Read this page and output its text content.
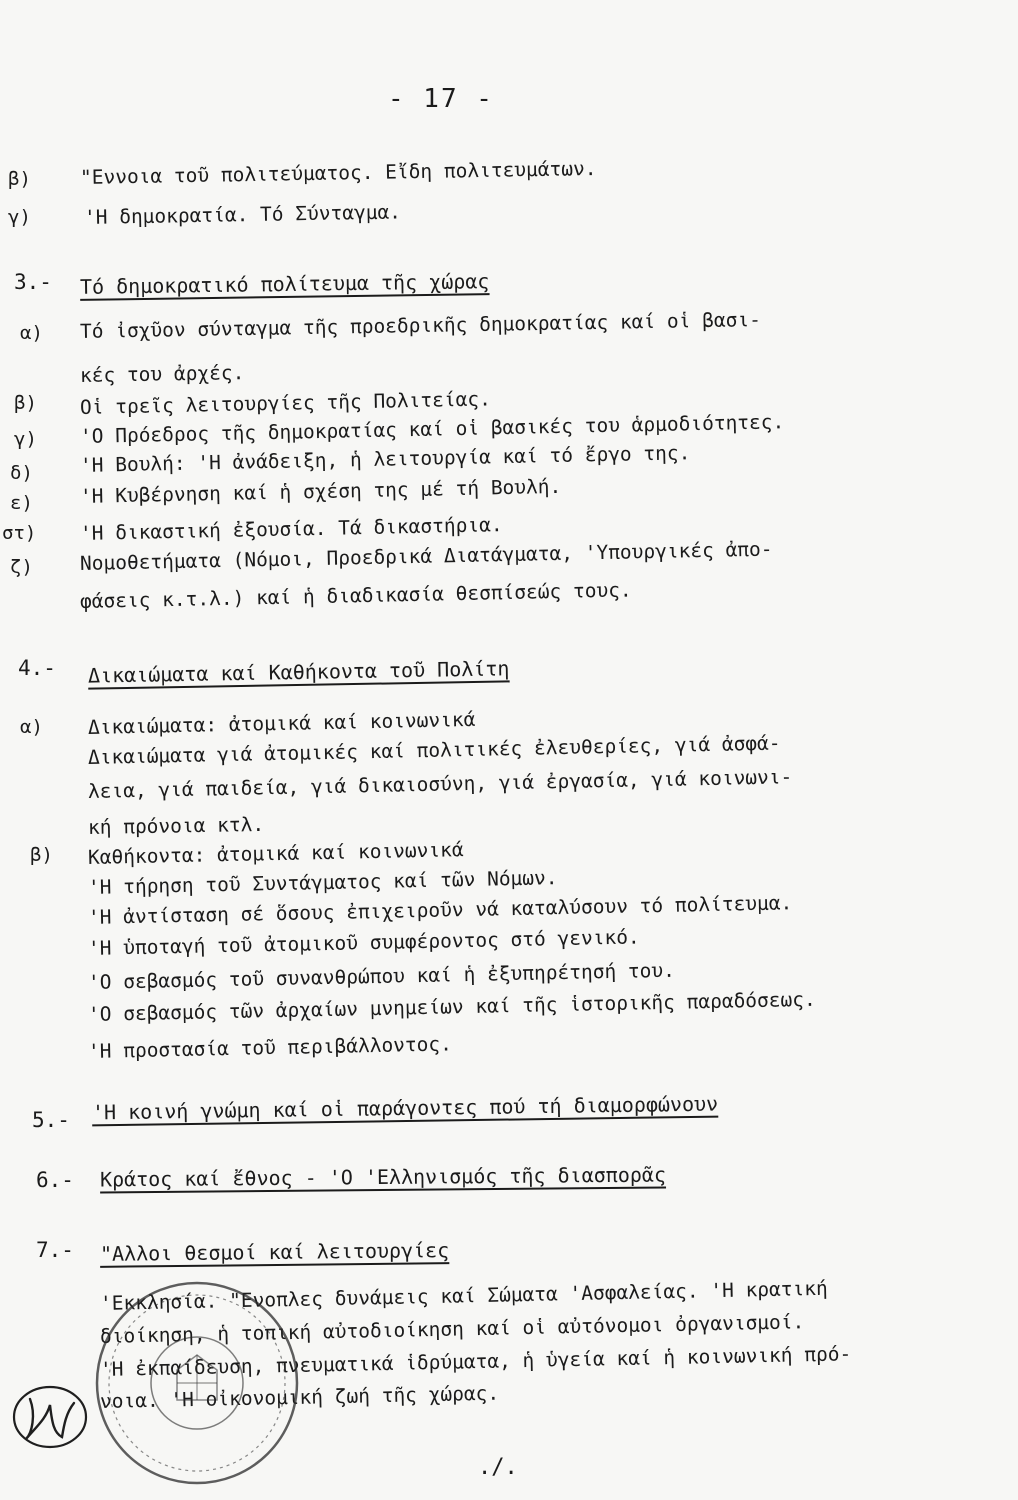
- 17 -
β)	"Εννοια τοῦ πολιτεύματος. Εἴδη πολιτευμάτων.
γ)	'Η δημοκρατία. Τό Σύνταγμα.
3.- Τό δημοκρατικό πολίτευμα τῆς χώρας
α) Τό ἰσχῦον σύνταγμα τῆς προεδρικῆς δημοκρατίας καί οἱ βασι-
κές του ἀρχές.
β) Οἱ τρεῖς λειτουργίες τῆς Πολιτείας.
γ) 'Ο Πρόεδρος τῆς δημοκρατίας καί οἱ βασικές του ἁρμοδιότητες.
δ) 'Η Βουλή: 'Η ἀνάδειξη, ἡ λειτουργία καί τό ἔργο της.
ε) 'Η Κυβέρνηση καί ἡ σχέση της μέ τή Βουλή.
στ) 'Η δικαστική ἐξουσία. Τά δικαστήρια.
ζ) Νομοθετήματα (Νόμοι, Προεδρικά Διατάγματα, 'Υπουργικές ἀπο-
φάσεις κ.τ.λ.) καί ἡ διαδικασία θεσπίσεώς τους.
4.- Δικαιώματα καί Καθήκοντα τοῦ Πολίτη
α) Δικαιώματα: ἀτομικά καί κοινωνικά
Δικαιώματα γιά ἀτομικές καί πολιτικές ἐλευθερίες, γιά ἀσφά-
λεια, γιά παιδεία, γιά δικαιοσύνη, γιά ἐργασία, γιά κοινωνι-
κή πρόνοια κτλ.
β) Καθήκοντα: ἀτομικά καί κοινωνικά
'Η τήρηση τοῦ Συντάγματος καί τῶν Νόμων.
'Η ἀντίσταση σέ ὅσους ἐπιχειροῦν νά καταλύσουν τό πολίτευμα.
'Η ὑποταγή τοῦ ἀτομικοῦ συμφέροντος στό γενικό.
'Ο σεβασμός τοῦ συνανθρώπου καί ἡ ἐξυπηρέτησή του.
'Ο σεβασμός τῶν ἀρχαίων μνημείων καί τῆς ἱστορικῆς παραδόσεως.
'Η προστασία τοῦ περιβάλλοντος.
5.- 'Η κοινή γνώμη καί οἱ παράγοντες πού τή διαμορφώνουν
6.- Κράτος καί ἔθνος - 'Ο 'Ελληνισμός τῆς διασπορᾶς
7.- "Αλλοι θεσμοί καί λειτουργίες
'Εκκλησία. "Ενοπλες δυνάμεις καί Σώματα 'Ασφαλείας. 'Η κρατική
διοίκηση, ἡ τοπική αὐτοδιοίκηση καί οἱ αὐτόνομοι ὀργανισμοί.
'Η ἐκπαίδευση, πνευματικά ἱδρύματα, ἡ ὑγεία καί ἡ κοινωνική πρό-
νοια. 'Η οἰκονομική ζωή τῆς χώρας.
./.
